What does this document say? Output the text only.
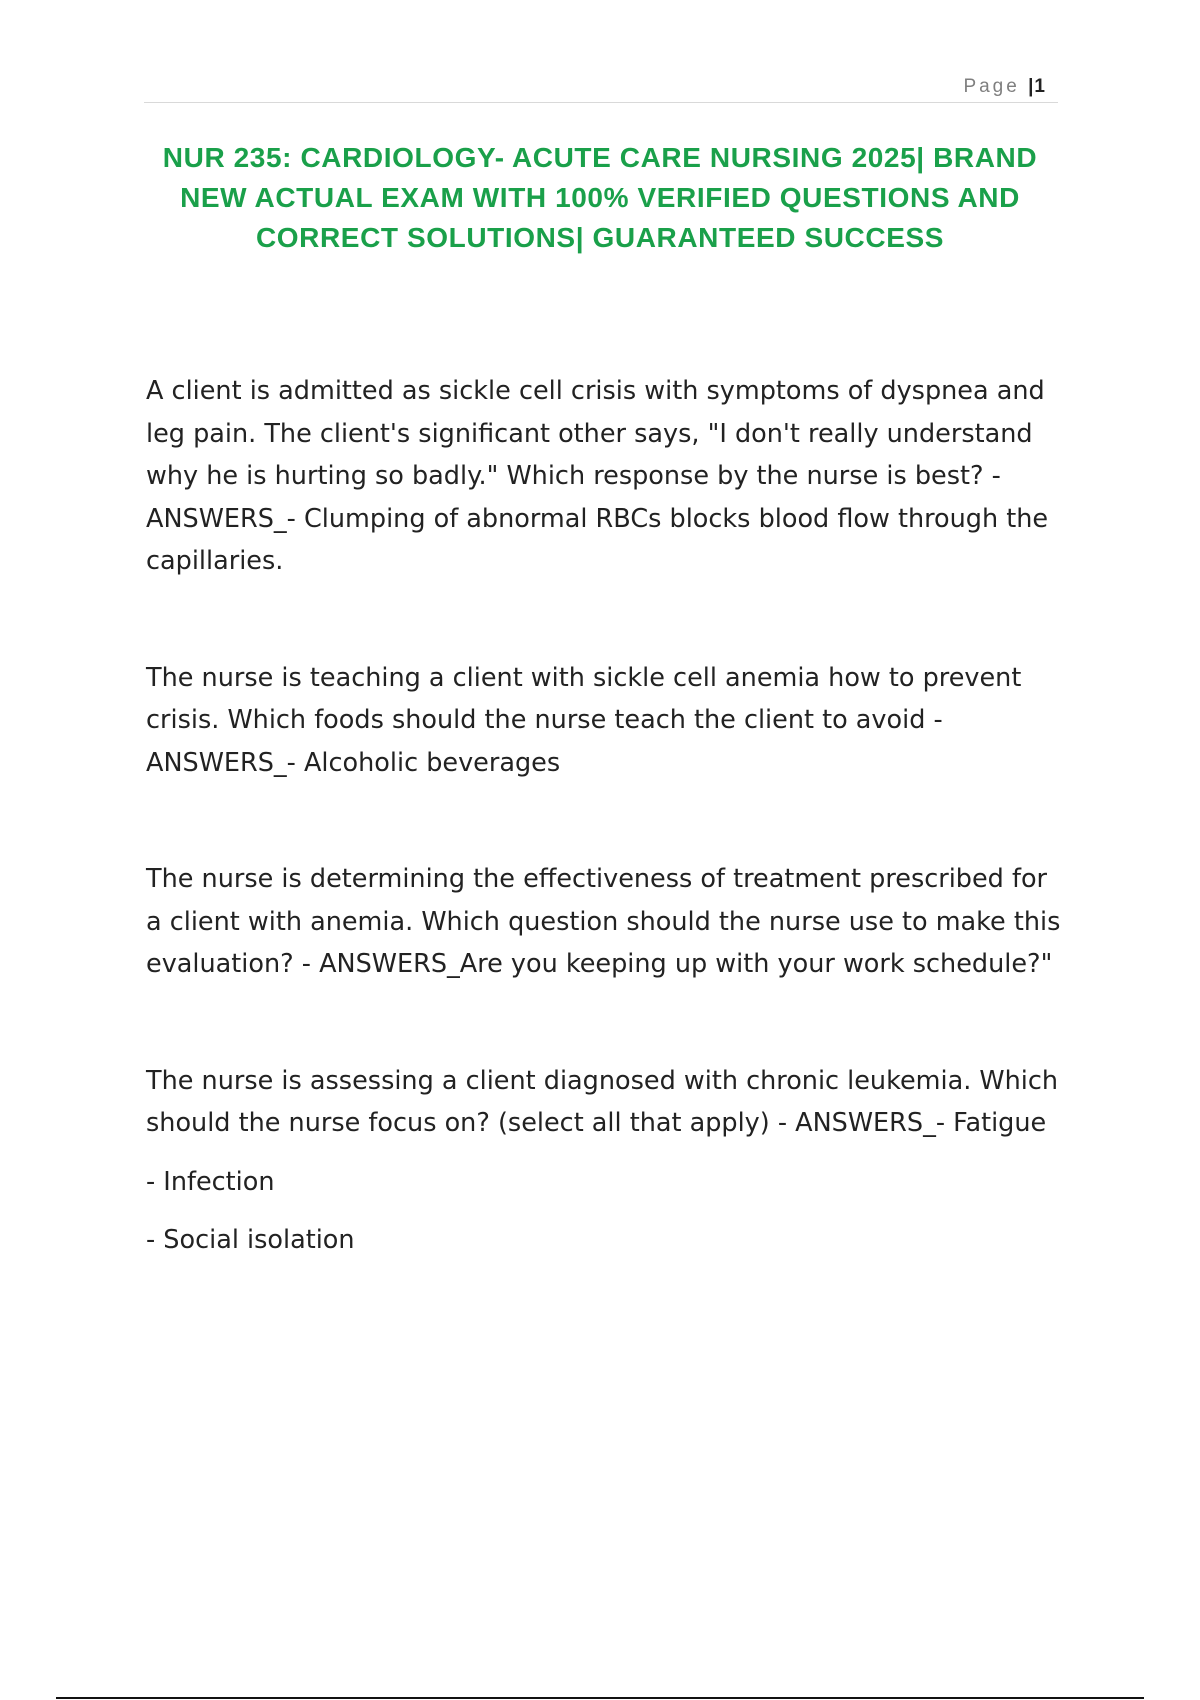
Page |1
NUR 235: CARDIOLOGY- ACUTE CARE NURSING 2025| BRAND NEW ACTUAL EXAM WITH 100% VERIFIED QUESTIONS AND CORRECT SOLUTIONS| GUARANTEED SUCCESS
A client is admitted as sickle cell crisis with symptoms of dyspnea and leg pain. The client's significant other says, "I don't really understand why he is hurting so badly." Which response by the nurse is best? - ANSWERS_- Clumping of abnormal RBCs blocks blood flow through the capillaries.
The nurse is teaching a client with sickle cell anemia how to prevent crisis. Which foods should the nurse teach the client to avoid - ANSWERS_- Alcoholic beverages
The nurse is determining the effectiveness of treatment prescribed for a client with anemia. Which question should the nurse use to make this evaluation? - ANSWERS_Are you keeping up with your work schedule?"
The nurse is assessing a client diagnosed with chronic leukemia. Which should the nurse focus on? (select all that apply) - ANSWERS_- Fatigue
- Infection
- Social isolation
